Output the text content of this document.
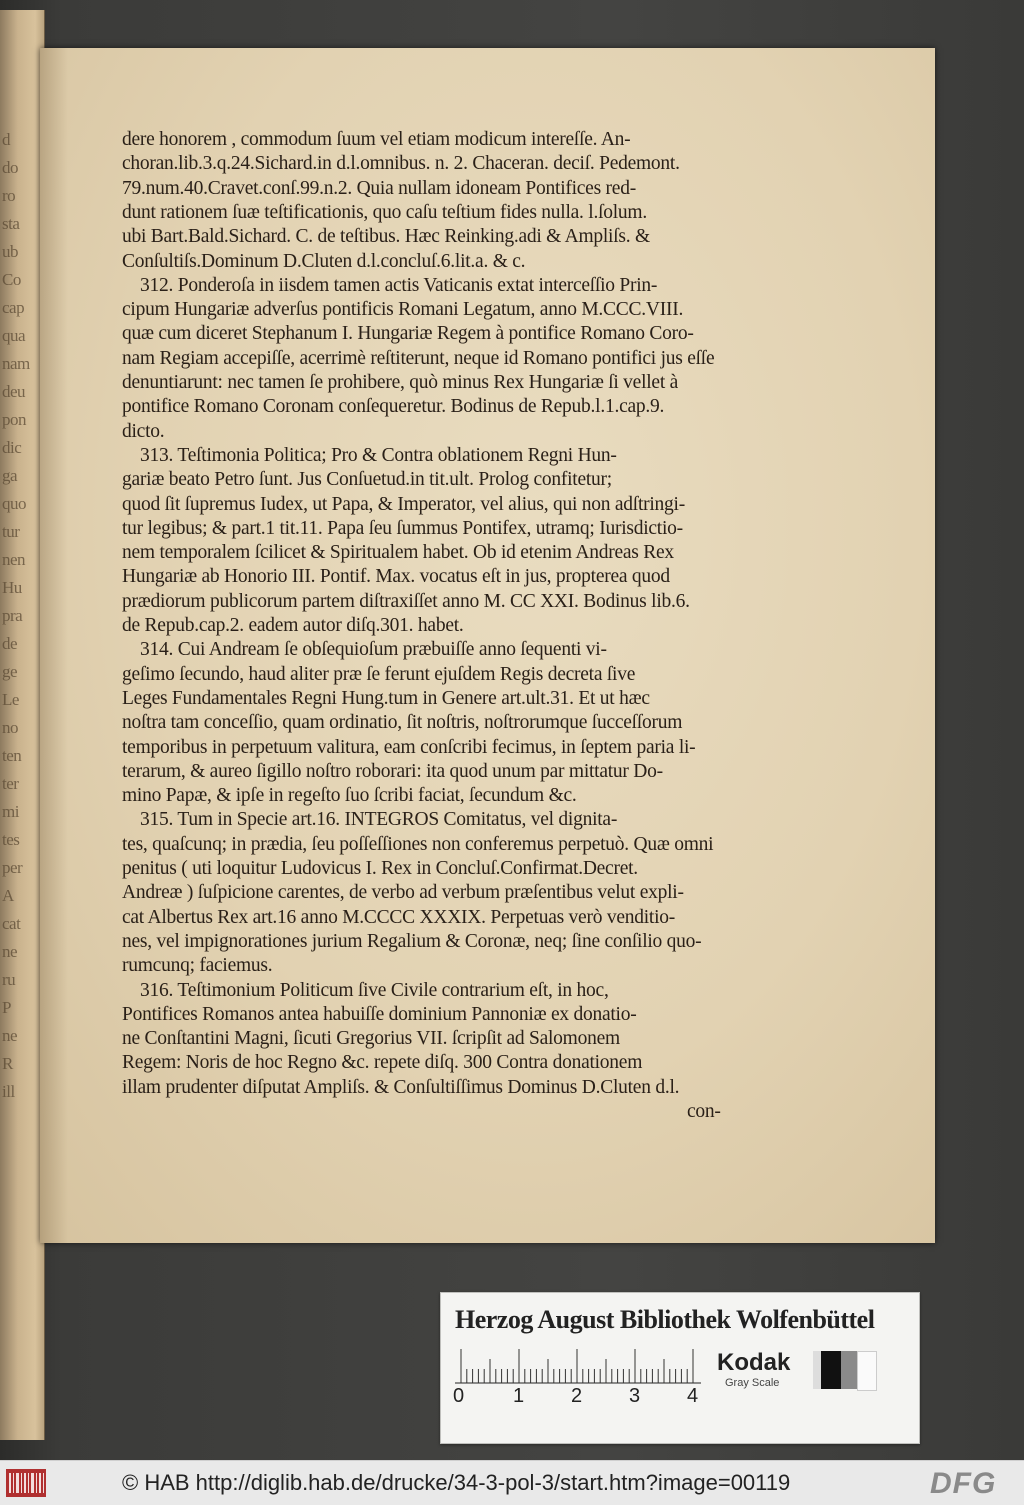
d
do
ro
sta
ub
Co
cap
qua
nam
deu
pon
dic
ga
quo
tur
nen
Hu
pra
de
ge
Le
no
ten
ter
mi
tes
per
A
cat
ne
ru
P
ne
R
ill
dere honorem , commodum ſuum vel etiam modicum intereſſe. An-
choran.lib.3.q.24.Sichard.in d.l.omnibus. n. 2. Chaceran. deciſ. Pedemont.
79.num.40.Cravet.conſ.99.n.2. Quia nullam idoneam Pontifices red-
dunt rationem ſuæ teſtificationis, quo caſu teſtium fides nulla. l.ſolum.
ubi Bart.Bald.Sichard. C. de teſtibus. Hæc Reinking.adi & Ampliſs. &
Conſultiſs.Dominum D.Cluten d.l.concluſ.6.lit.a. & c.
312. Ponderoſa in iisdem tamen actis Vaticanis extat interceſſio Prin-
cipum Hungariæ adverſus pontificis Romani Legatum, anno M.CCC.VIII.
quæ cum diceret Stephanum I. Hungariæ Regem à pontifice Romano Coro-
nam Regiam accepiſſe, acerrimè reſtiterunt, neque id Romano pontifici jus eſſe
denuntiarunt: nec tamen ſe prohibere, quò minus Rex Hungariæ ſi vellet à
pontifice Romano Coronam conſequeretur. Bodinus de Repub.l.1.cap.9.
dicto.
313. Teſtimonia Politica; Pro & Contra oblationem Regni Hun-
gariæ beato Petro ſunt. Jus Conſuetud.in tit.ult. Prolog confitetur;
quod ſit ſupremus Iudex, ut Papa, & Imperator, vel alius, qui non adſtringi-
tur legibus; & part.1 tit.11. Papa ſeu ſummus Pontifex, utramq; Iurisdictio-
nem temporalem ſcilicet & Spiritualem habet. Ob id etenim Andreas Rex
Hungariæ ab Honorio III. Pontif. Max. vocatus eſt in jus, propterea quod
prædiorum publicorum partem diſtraxiſſet anno M. CC XXI. Bodinus lib.6.
de Repub.cap.2. eadem autor diſq.301. habet.
314. Cui Andream ſe obſequioſum præbuiſſe anno ſequenti vi-
geſimo ſecundo, haud aliter præ ſe ferunt ejuſdem Regis decreta ſive
Leges Fundamentales Regni Hung.tum in Genere art.ult.31. Et ut hæc
noſtra tam conceſſio, quam ordinatio, ſit noſtris, noſtrorumque ſucceſſorum
temporibus in perpetuum valitura, eam conſcribi fecimus, in ſeptem paria li-
terarum, & aureo ſigillo noſtro roborari: ita quod unum par mittatur Do-
mino Papæ, & ipſe in regeſto ſuo ſcribi faciat, ſecundum &c.
315. Tum in Specie art.16. INTEGROS Comitatus, vel dignita-
tes, quaſcunq; in prædia, ſeu poſſeſſiones non conferemus perpetuò. Quæ omni
penitus ( uti loquitur Ludovicus I. Rex in Concluſ.Confirmat.Decret.
Andreæ ) ſuſpicione carentes, de verbo ad verbum præſentibus velut expli-
cat Albertus Rex art.16 anno M.CCCC XXXIX. Perpetuas verò venditio-
nes, vel impignorationes jurium Regalium & Coronæ, neq; ſine conſilio quo-
rumcunq; faciemus.
316. Teſtimonium Politicum ſive Civile contrarium eſt, in hoc,
Pontifices Romanos antea habuiſſe dominium Pannoniæ ex donatio-
ne Conſtantini Magni, ſicuti Gregorius VII. ſcripſit ad Salomonem
Regem: Noris de hoc Regno &c. repete diſq. 300 Contra donationem
illam prudenter diſputat Ampliſs. & Conſultiſſimus Dominus D.Cluten d.l.
con-
Herzog August Bibliothek Wolfenbüttel
0 1 2 3 4
Kodak
Gray Scale
© HAB http://diglib.hab.de/drucke/34-3-pol-3/start.htm?image=00119	DFG
